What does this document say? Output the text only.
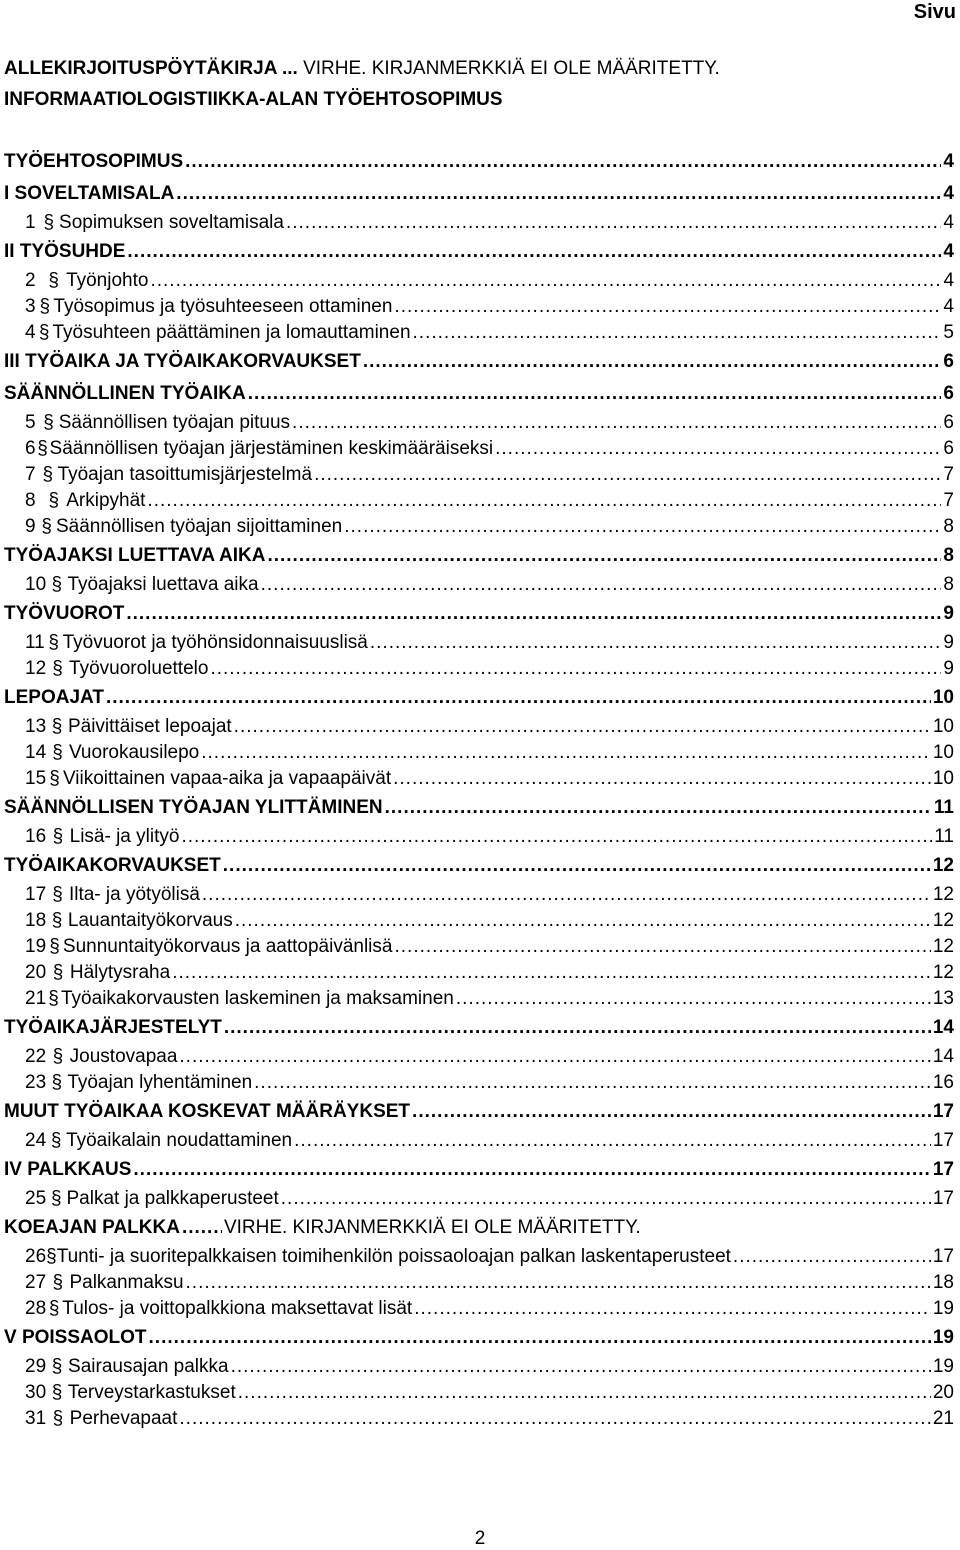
Sivu
ALLEKIRJOITUSPÖYTÄKIRJA ... VIRHE. KIRJANMERKKIÄ EI OLE MÄÄRITETTY.
INFORMAATIOLOGISTIIKKA-ALAN TYÖEHTOSOPIMUS
TYÖEHTOSOPIMUS .....	4
I SOVELTAMISALA .....	4
1 § Sopimuksen soveltamisala .....	4
II TYÖSUHDE .....	4
2 § Työnjohto .....	4
3 § Työsopimus ja työsuhteeseen ottaminen .....	4
4 § Työsuhteen päättäminen ja lomauttaminen .....	5
III TYÖAIKA JA TYÖAIKAKORVAUKSET .....	6
SÄÄNNÖLLINEN TYÖAIKA .....	6
5 § Säännöllisen työajan pituus .....	6
6 § Säännöllisen työajan järjestäminen keskimääräiseksi .....	6
7 § Työajan tasoittumisjärjestelmä .....	7
8 § Arkipyhät .....	7
9 § Säännöllisen työajan sijoittaminen .....	8
TYÖAJAKSI LUETTAVA AIKA .....	8
10 § Työajaksi luettava aika .....	8
TYÖVUOROT .....	9
11 § Työvuorot ja työhönsidonnaisuuslisä .....	9
12 § Työvuoroluettelo .....	9
LEPOAJAT .....	10
13 § Päivittäiset lepoajat .....	10
14 § Vuorokausilepo .....	10
15 § Viikoittainen vapaa-aika ja vapaapäivät .....	10
SÄÄNNÖLLISEN TYÖAJAN YLITTÄMINEN .....	11
16 § Lisä- ja ylityö .....	11
TYÖAIKAKORVAUKSET .....	12
17 § Ilta- ja yötyölisä .....	12
18 § Lauantaityökorvaus .....	12
19 § Sunnuntaityökorvaus ja aattopäivänlisä .....	12
20 § Hälytysraha .....	12
21 § Työaikakorvausten laskeminen ja maksaminen .....	13
TYÖAIKAJÄRJESTELYT .....	14
22 § Joustovapaa .....	14
23 § Työajan lyhentäminen .....	16
MUUT TYÖAIKAA KOSKEVAT MÄÄRÄYKSET .....	17
24 § Työaikalain noudattaminen .....	17
IV PALKKAUS .....	17
25 § Palkat ja palkkaperusteet .....	17
KOEAJAN PALKKA ..... VIRHE. KIRJANMERKKIÄ EI OLE MÄÄRITETTY.
26 § Tunti- ja suoritepalkkaisen toimihenkilön poissaoloajan palkan laskentaperusteet .....	17
27 § Palkanmaksu .....	18
28 § Tulos- ja voittopalkkiona maksettavat lisät .....	19
V POISSAOLOT .....	19
29 § Sairausajan palkka .....	19
30 § Terveystarkastukset .....	20
31 § Perhevapaat .....	21
2
